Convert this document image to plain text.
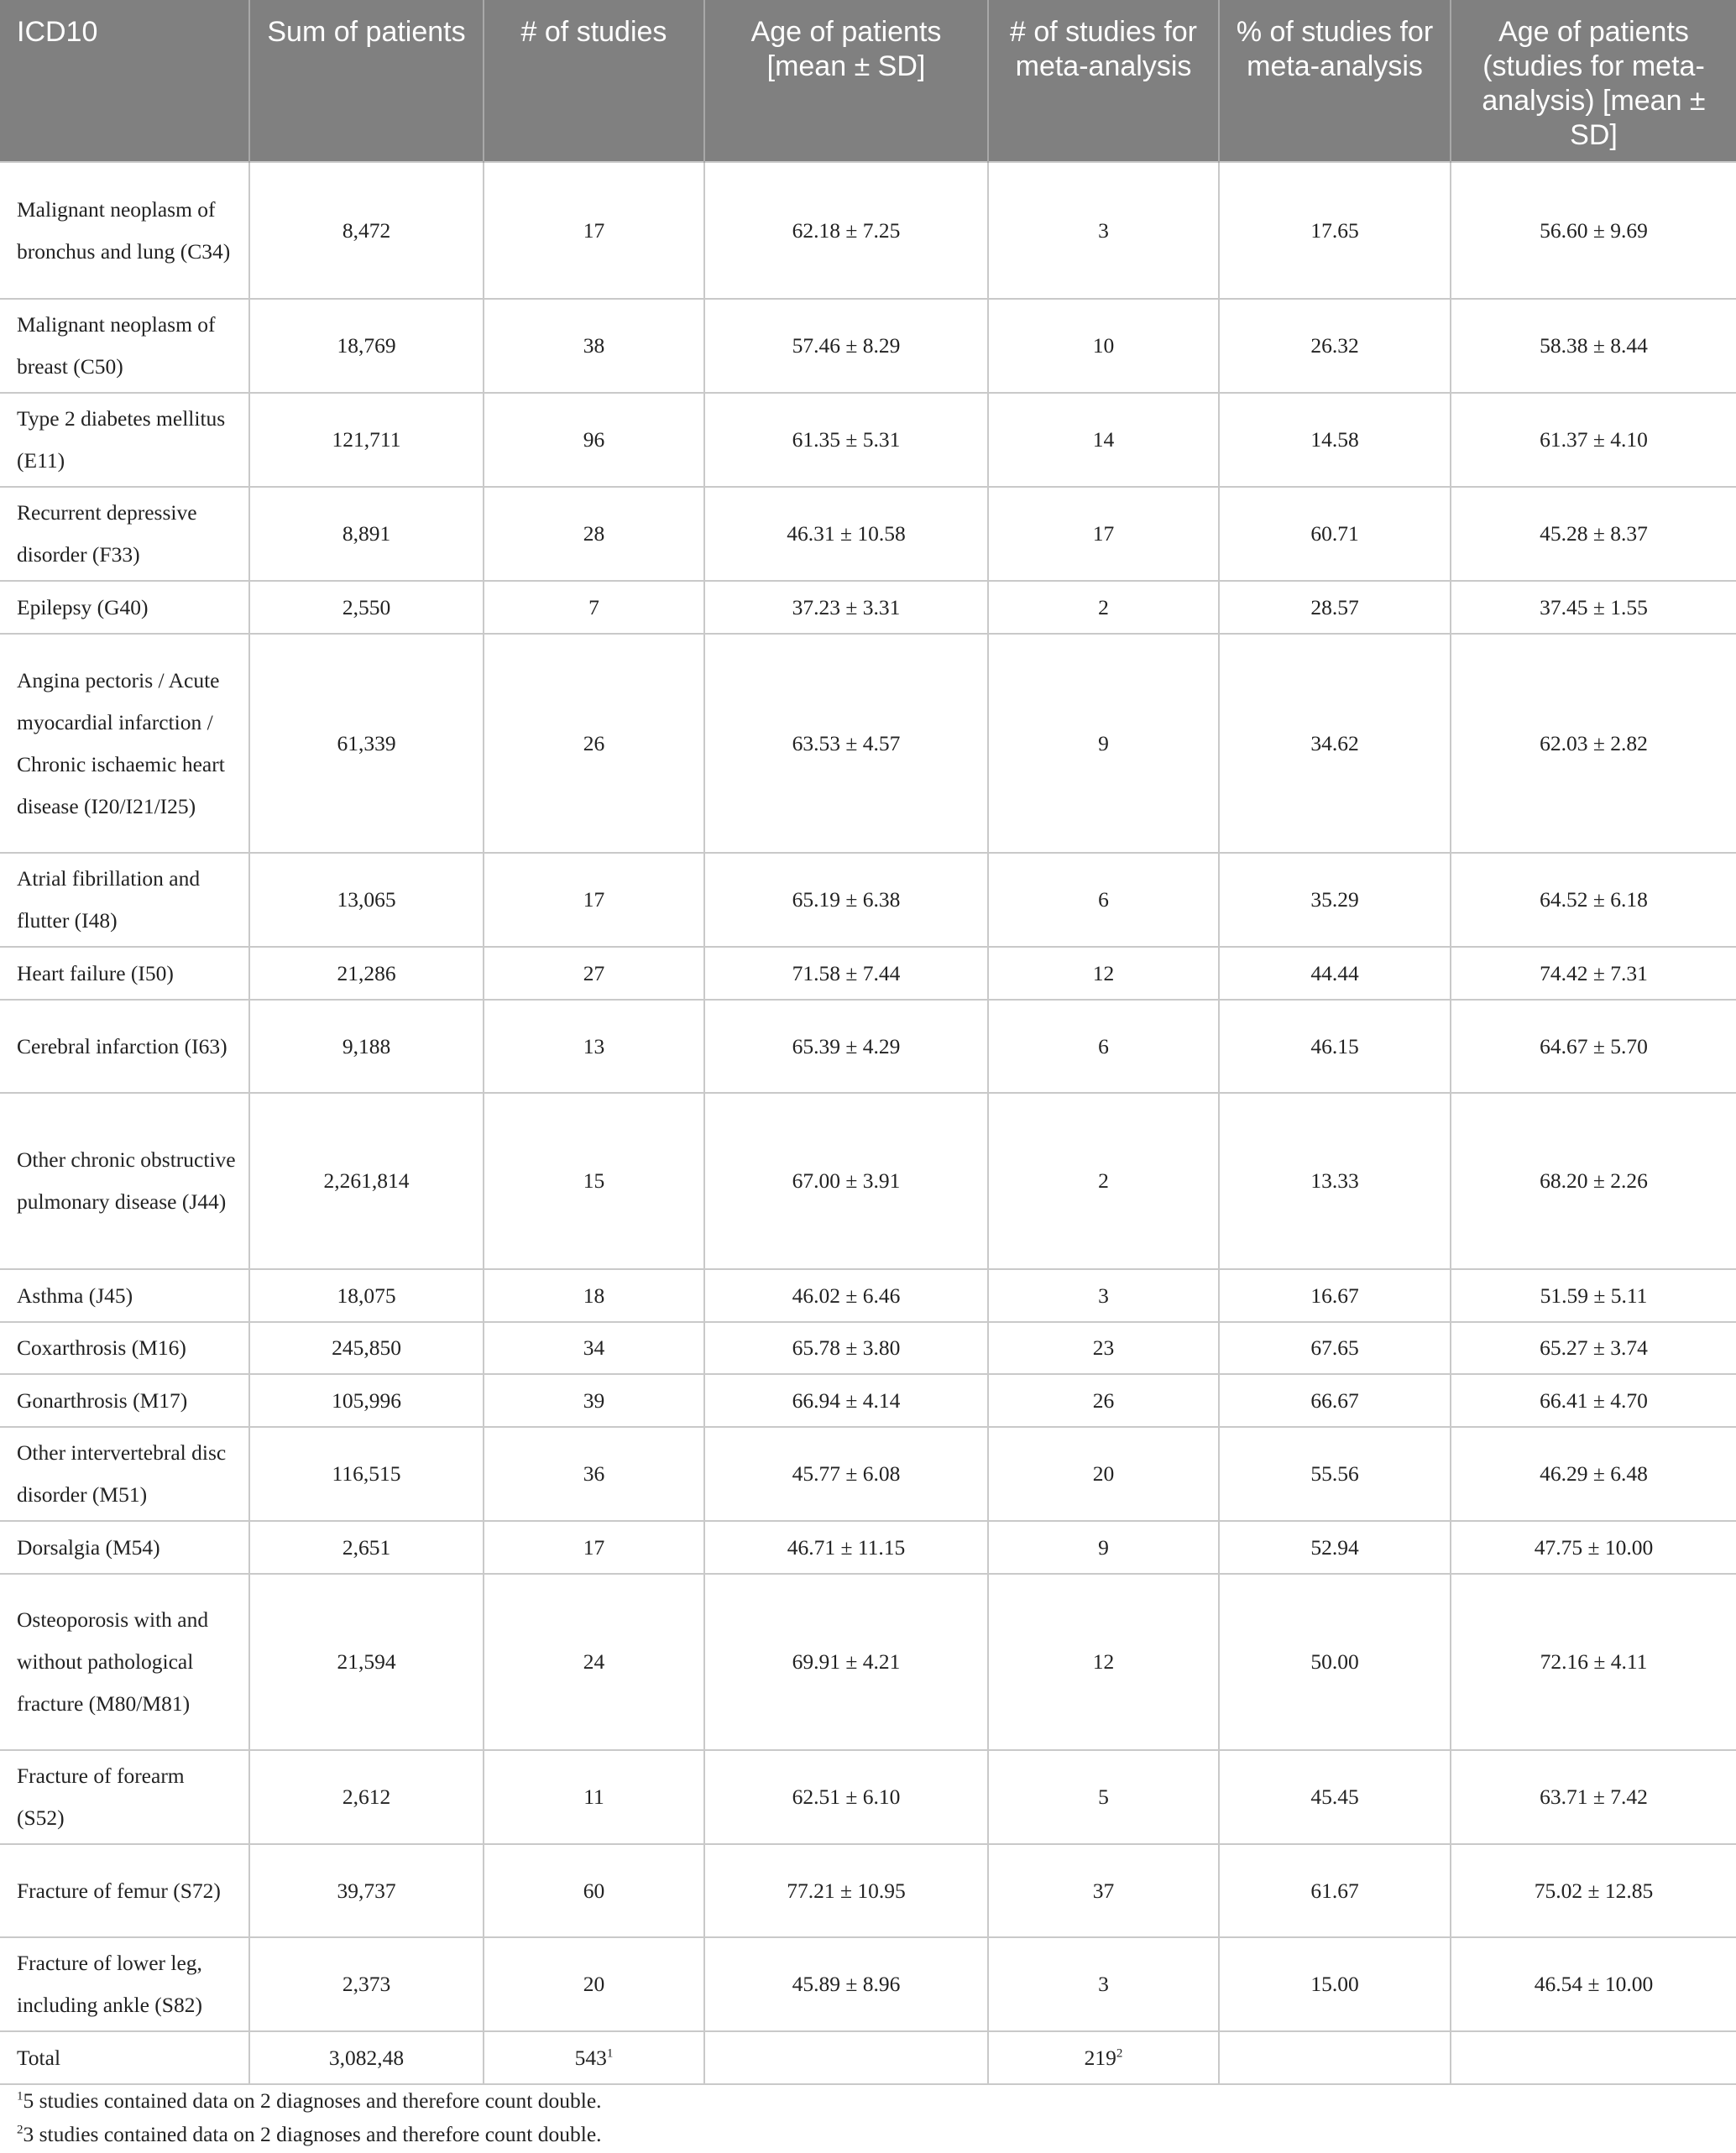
ICD10	Sum of patients	# of studies	Age of patients [mean ± SD]	# of studies for meta-analysis	% of studies for meta-analysis	Age of patients (studies for meta-analysis) [mean ± SD]
Malignant neoplasm of bronchus and lung (C34)	8,472	17	62.18 ± 7.25	3	17.65	56.60 ± 9.69
Malignant neoplasm of breast (C50)	18,769	38	57.46 ± 8.29	10	26.32	58.38 ± 8.44
Type 2 diabetes mellitus (E11)	121,711	96	61.35 ± 5.31	14	14.58	61.37 ± 4.10
Recurrent depressive disorder (F33)	8,891	28	46.31 ± 10.58	17	60.71	45.28 ± 8.37
Epilepsy (G40)	2,550	7	37.23 ± 3.31	2	28.57	37.45 ± 1.55
Angina pectoris / Acute myocardial infarction / Chronic ischaemic heart disease (I20/I21/I25)	61,339	26	63.53 ± 4.57	9	34.62	62.03 ± 2.82
Atrial fibrillation and flutter (I48)	13,065	17	65.19 ± 6.38	6	35.29	64.52 ± 6.18
Heart failure (I50)	21,286	27	71.58 ± 7.44	12	44.44	74.42 ± 7.31
Cerebral infarction (I63)	9,188	13	65.39 ± 4.29	6	46.15	64.67 ± 5.70
Other chronic obstructive pulmonary disease (J44)	2,261,814	15	67.00 ± 3.91	2	13.33	68.20 ± 2.26
Asthma (J45)	18,075	18	46.02 ± 6.46	3	16.67	51.59 ± 5.11
Coxarthrosis (M16)	245,850	34	65.78 ± 3.80	23	67.65	65.27 ± 3.74
Gonarthrosis (M17)	105,996	39	66.94 ± 4.14	26	66.67	66.41 ± 4.70
Other intervertebral disc disorder (M51)	116,515	36	45.77 ± 6.08	20	55.56	46.29 ± 6.48
Dorsalgia (M54)	2,651	17	46.71 ± 11.15	9	52.94	47.75 ± 10.00
Osteoporosis with and without pathological fracture (M80/M81)	21,594	24	69.91 ± 4.21	12	50.00	72.16 ± 4.11
Fracture of forearm (S52)	2,612	11	62.51 ± 6.10	5	45.45	63.71 ± 7.42
Fracture of femur (S72)	39,737	60	77.21 ± 10.95	37	61.67	75.02 ± 12.85
Fracture of lower leg, including ankle (S82)	2,373	20	45.89 ± 8.96	3	15.00	46.54 ± 10.00
Total	3,082,48	$543^1$		$219^2$		

$^1$5 studies contained data on 2 diagnoses and therefore count double.

$^2$3 studies contained data on 2 diagnoses and therefore count double.
